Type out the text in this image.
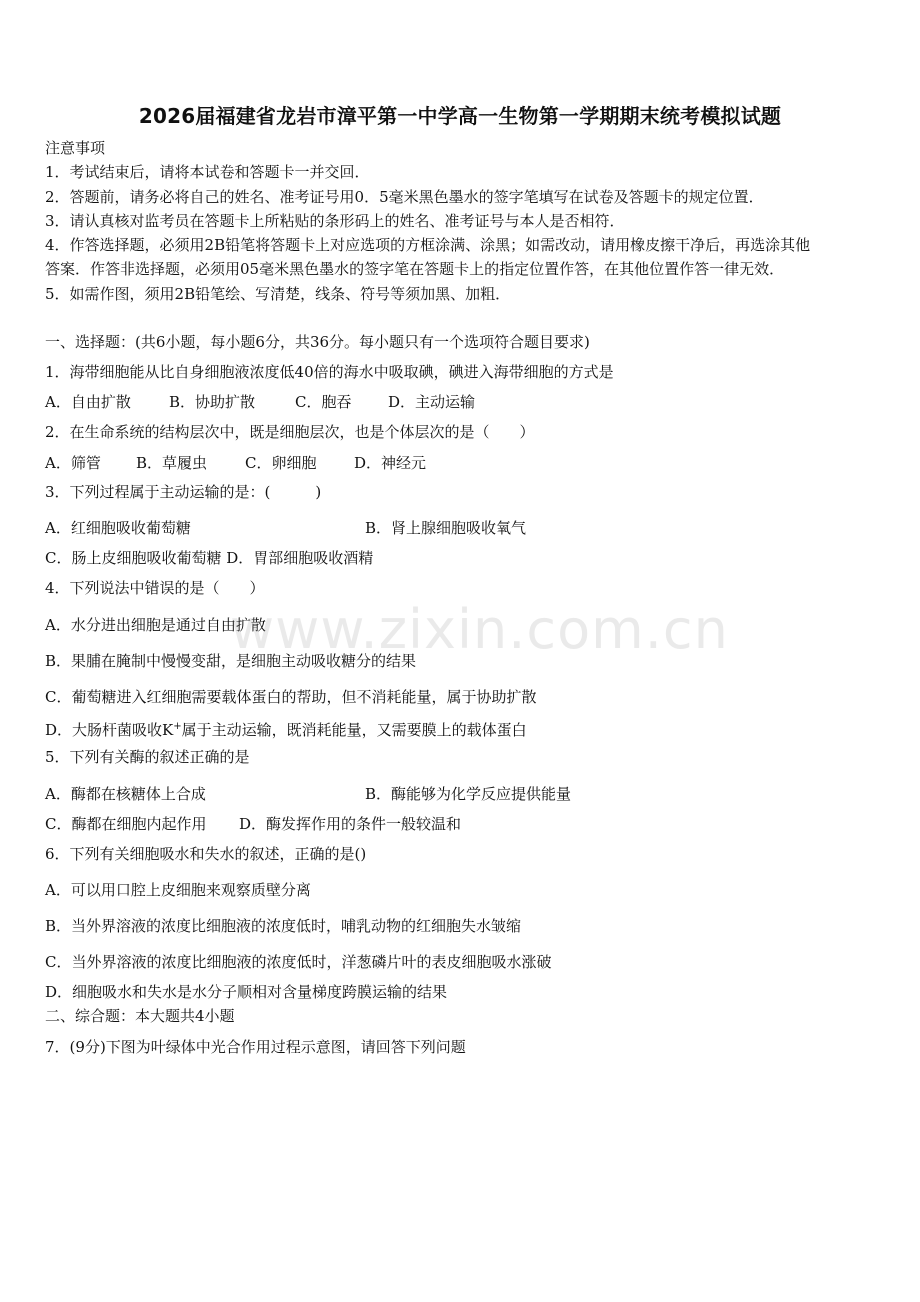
2026届福建省龙岩市漳平第一中学高一生物第一学期期末统考模拟试题
注意事项
1．考试结束后，请将本试卷和答题卡一并交回．
2．答题前，请务必将自己的姓名、准考证号用0．5毫米黑色墨水的签字笔填写在试卷及答题卡的规定位置．
3．请认真核对监考员在答题卡上所粘贴的条形码上的姓名、准考证号与本人是否相符．
4．作答选择题，必须用2B铅笔将答题卡上对应选项的方框涂满、涂黑；如需改动，请用橡皮擦干净后，再选涂其他
答案．作答非选择题，必须用05毫米黑色墨水的签字笔在答题卡上的指定位置作答，在其他位置作答一律无效．
5．如需作图，须用2B铅笔绘、写清楚，线条、符号等须加黑、加粗．
一、选择题：(共6小题，每小题6分，共36分。每小题只有一个选项符合题目要求)
1．海带细胞能从比自身细胞液浓度低40倍的海水中吸取碘，碘进入海带细胞的方式是
A．自由扩散	B．协助扩散	C．胞吞 D．主动运输
2．在生命系统的结构层次中，既是细胞层次，也是个体层次的是（　　）
A．筛管 B．草履虫	C．卵细胞	D．神经元
3．下列过程属于主动运输的是：(　　　)
A．红细胞吸收葡萄糖	B．肾上腺细胞吸收氧气
C．肠上皮细胞吸收葡萄糖 D．胃部细胞吸收酒精
4．下列说法中错误的是（　　）
A．水分进出细胞是通过自由扩散
B．果脯在腌制中慢慢变甜，是细胞主动吸收糖分的结果
C．葡萄糖进入红细胞需要载体蛋白的帮助，但不消耗能量，属于协助扩散
D．大肠杆菌吸收K+属于主动运输，既消耗能量，又需要膜上的载体蛋白
5．下列有关酶的叙述正确的是
A．酶都在核糖体上合成	B．酶能够为化学反应提供能量
C．酶都在细胞内起作用 D．酶发挥作用的条件一般较温和
6．下列有关细胞吸水和失水的叙述，正确的是()
A．可以用口腔上皮细胞来观察质壁分离
B．当外界溶液的浓度比细胞液的浓度低时，哺乳动物的红细胞失水皱缩
C．当外界溶液的浓度比细胞液的浓度低时，洋葱磷片叶的表皮细胞吸水涨破
D．细胞吸水和失水是水分子顺相对含量梯度跨膜运输的结果
二、综合题：本大题共4小题
7．(9分)下图为叶绿体中光合作用过程示意图，请回答下列问题
www.zixin.com.cn
